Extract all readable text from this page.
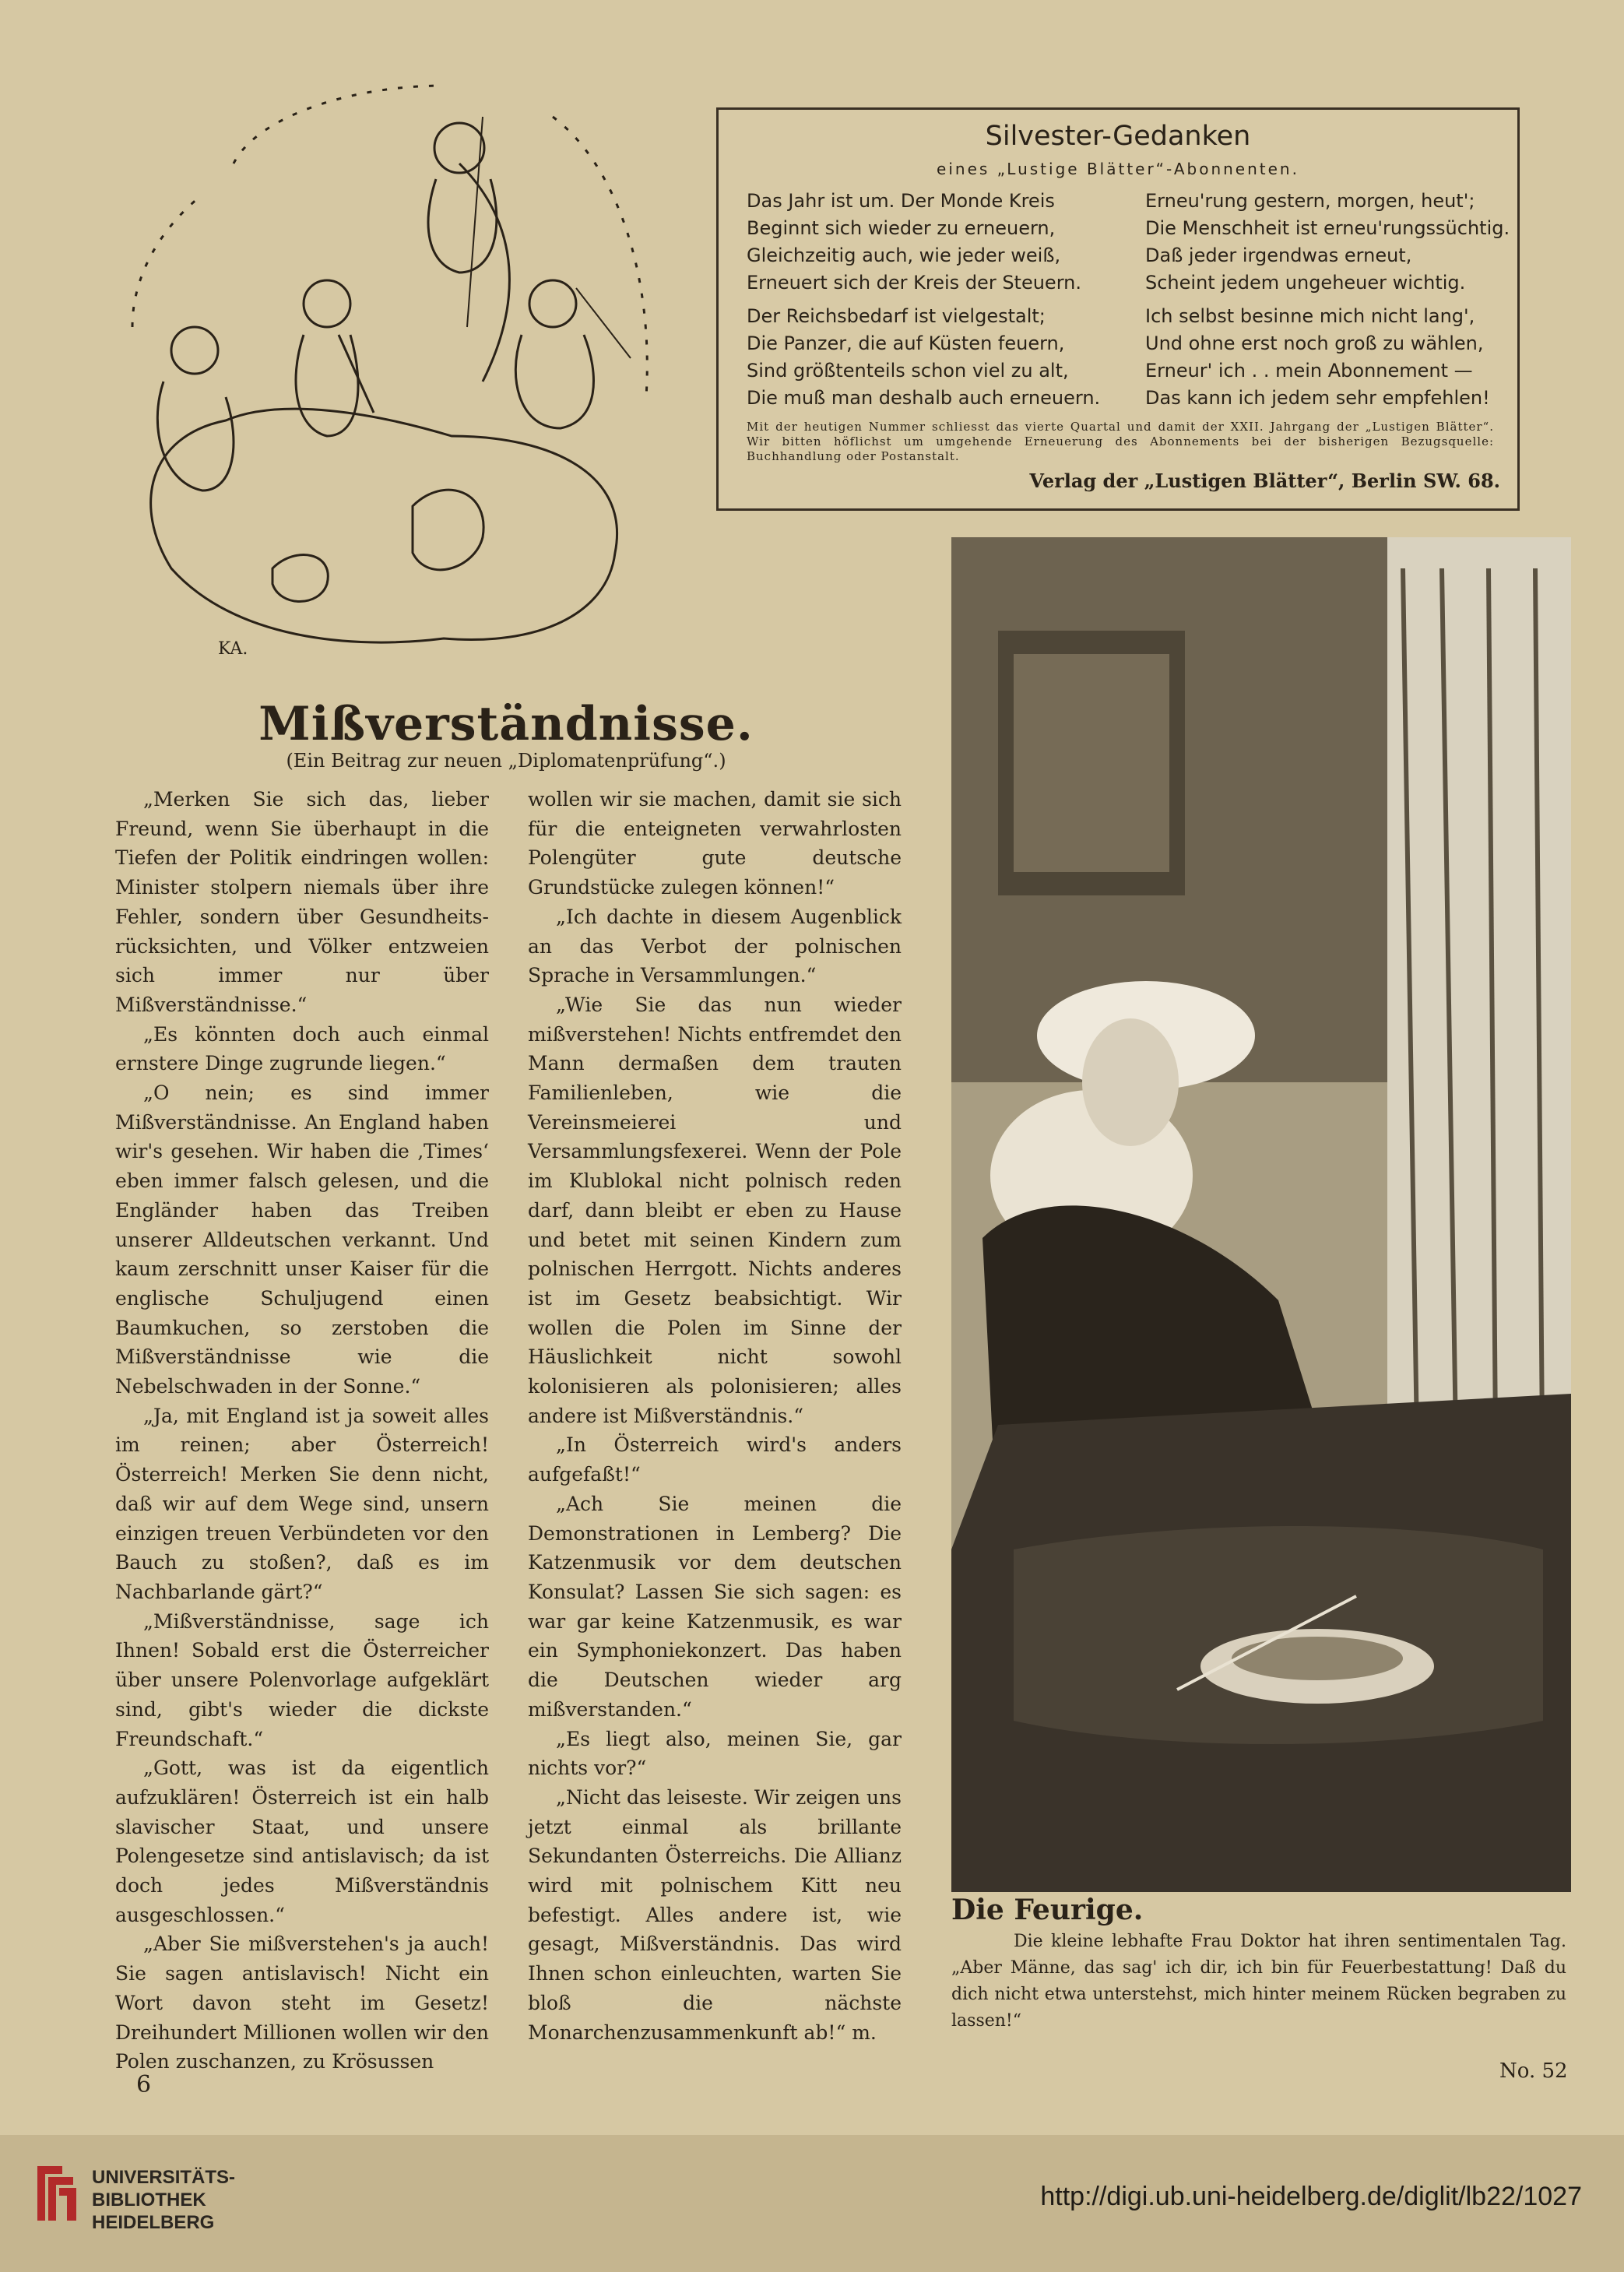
KA.
Silvester-Gedanken
eines „Lustige Blätter“-Abonnenten.
Das Jahr ist um. Der Monde Kreis
Beginnt sich wieder zu erneuern,
Gleichzeitig auch, wie jeder weiß,
Erneuert sich der Kreis der Steuern.
Erneu'rung gestern, morgen, heut';
Die Menschheit ist erneu'rungssüchtig.
Daß jeder irgendwas erneut,
Scheint jedem ungeheuer wichtig.
Der Reichsbedarf ist vielgestalt;
Die Panzer, die auf Küsten feuern,
Sind größtenteils schon viel zu alt,
Die muß man deshalb auch erneuern.
Ich selbst besinne mich nicht lang',
Und ohne erst noch groß zu wählen,
Erneur' ich . . mein Abonnement —
Das kann ich jedem sehr empfehlen!
Mit der heutigen Nummer schliesst das vierte Quartal und damit der XXII. Jahrgang der „Lustigen Blätter“. Wir bitten höflichst um umgehende Erneuerung des Abonnements bei der bisherigen Bezugsquelle: Buchhandlung oder Postanstalt.
Verlag der „Lustigen Blätter“, Berlin SW. 68.
Mißverständnisse.
(Ein Beitrag zur neuen „Diplomatenprüfung“.)

„Merken Sie sich das, lieber Freund, wenn Sie überhaupt in die Tiefen der Politik eindringen wollen: Minister stolpern niemals über ihre Fehler, sondern über Gesundheits-rücksichten, und Völker entzweien sich immer nur über Mißverständnisse.“

„Es könnten doch auch einmal ernstere Dinge zugrunde liegen.“

„O nein; es sind immer Mißverständnisse. An England haben wir's gesehen. Wir haben die ‚Times‘ eben immer falsch gelesen, und die Engländer haben das Treiben unserer Alldeutschen verkannt. Und kaum zerschnitt unser Kaiser für die englische Schuljugend einen Baumkuchen, so zerstoben die Mißverständnisse wie die Nebelschwaden in der Sonne.“

„Ja, mit England ist ja soweit alles im reinen; aber Österreich! Österreich! Merken Sie denn nicht, daß wir auf dem Wege sind, unsern einzigen treuen Verbündeten vor den Bauch zu stoßen?, daß es im Nachbarlande gärt?“

„Mißverständnisse, sage ich Ihnen! Sobald erst die Österreicher über unsere Polenvorlage aufgeklärt sind, gibt's wieder die dickste Freundschaft.“

„Gott, was ist da eigentlich aufzuklären! Österreich ist ein halb slavischer Staat, und unsere Polengesetze sind antislavisch; da ist doch jedes Mißverständnis ausgeschlossen.“

„Aber Sie mißverstehen's ja auch! Sie sagen antislavisch! Nicht ein Wort davon steht im Gesetz! Dreihundert Millionen wollen wir den Polen zuschanzen, zu Krösussen

wollen wir sie machen, damit sie sich für die enteigneten verwahrlosten Polengüter gute deutsche Grundstücke zulegen können!“

„Ich dachte in diesem Augenblick an das Verbot der polnischen Sprache in Versammlungen.“

„Wie Sie das nun wieder mißverstehen! Nichts entfremdet den Mann dermaßen dem trauten Familienleben, wie die Vereinsmeierei und Versammlungsfexerei. Wenn der Pole im Klublokal nicht polnisch reden darf, dann bleibt er eben zu Hause und betet mit seinen Kindern zum polnischen Herrgott. Nichts anderes ist im Gesetz beabsichtigt. Wir wollen die Polen im Sinne der Häuslichkeit nicht sowohl kolonisieren als polonisieren; alles andere ist Mißverständnis.“

„In Österreich wird's anders aufgefaßt!“

„Ach Sie meinen die Demonstrationen in Lemberg? Die Katzenmusik vor dem deutschen Konsulat? Lassen Sie sich sagen: es war gar keine Katzenmusik, es war ein Symphoniekonzert. Das haben die Deutschen wieder arg mißverstanden.“

„Es liegt also, meinen Sie, gar nichts vor?“

„Nicht das leiseste. Wir zeigen uns jetzt einmal als brillante Sekundanten Österreichs. Die Allianz wird mit polnischem Kitt neu befestigt. Alles andere ist, wie gesagt, Mißverständnis. Das wird Ihnen schon einleuchten, warten Sie bloß die nächste Monarchenzusammenkunft ab!“ m.

Die Feurige.
Die kleine lebhafte Frau Doktor hat ihren sentimentalen Tag. „Aber Männe, das sag' ich dir, ich bin für Feuerbestattung! Daß du dich nicht etwa unterstehst, mich hinter meinem Rücken begraben zu lassen!“
6	No. 52
UNIVERSITÄTS-
BIBLIOTHEK
HEIDELBERG
http://digi.ub.uni-heidelberg.de/diglit/lb22/1027
